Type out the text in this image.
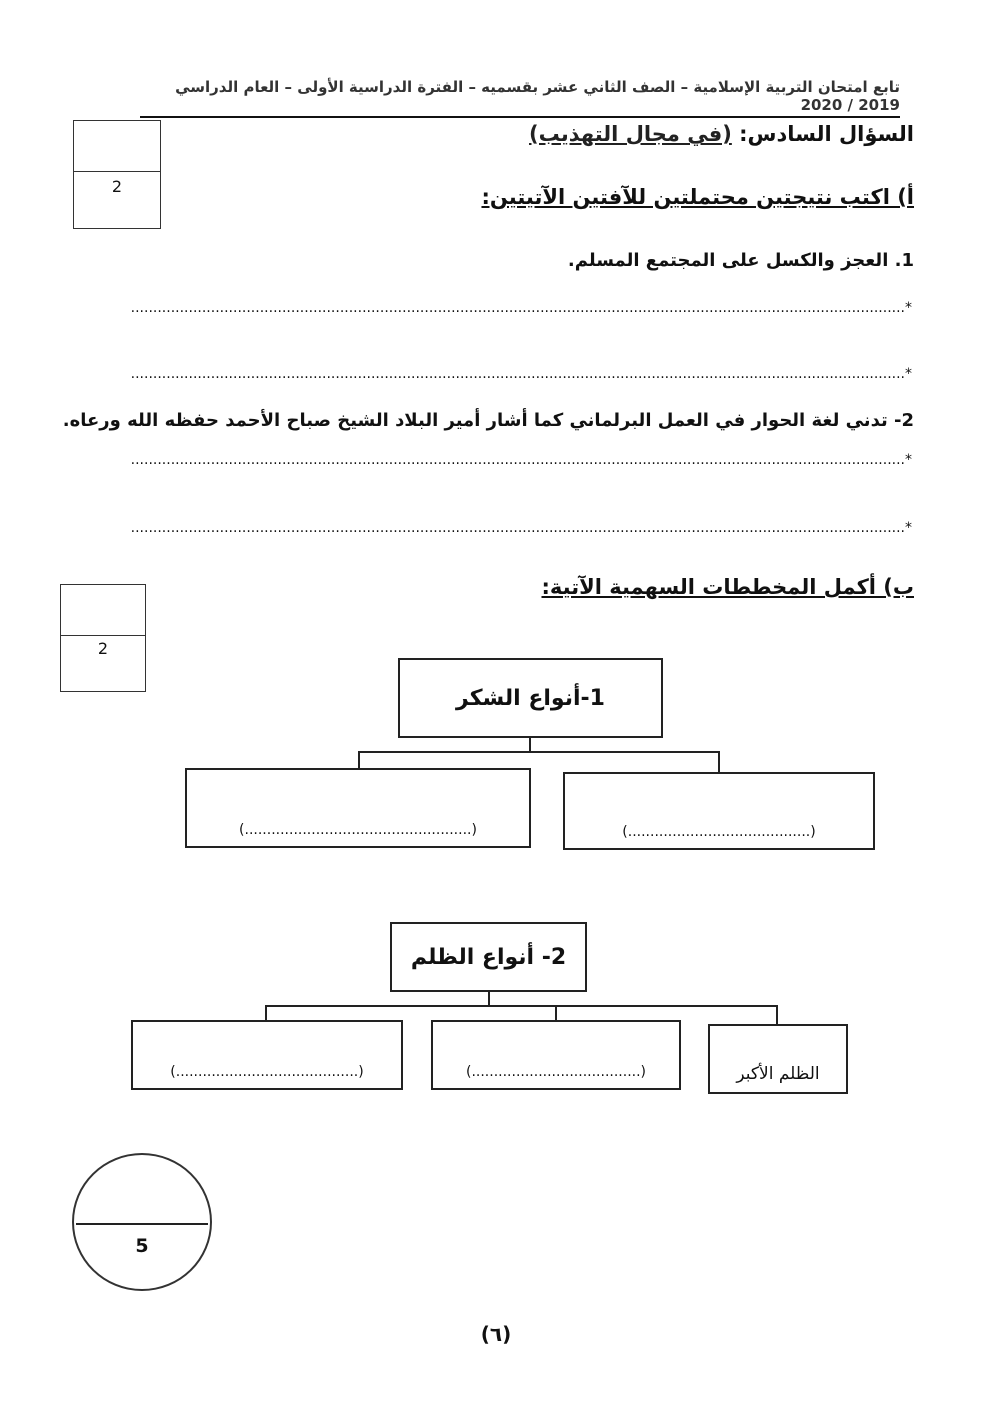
تابع امتحان التربية الإسلامية – الصف الثاني عشر بقسميه – الفترة الدراسية الأولى – العام الدراسي 2019 / 2020
السؤال السادس: (في مجال التهذيب)
2	أ) اكتب نتيجتين محتملتين للآفتين الآتيتين:
1. العجز والكسل على المجتمع المسلم.
*..............................................................................................................................................................................
*..............................................................................................................................................................................
2- تدني لغة الحوار في العمل البرلماني كما أشار أمير البلاد الشيخ صباح الأحمد حفظه الله ورعاه.
*..............................................................................................................................................................................
*..............................................................................................................................................................................
2
ب) أكمل المخططات السهمية الآتية:
1-أنواع الشكر
(...................................................)	(.........................................)
2- أنواع الظلم
(.........................................)	(......................................)	الظلم الأكبر
5
(٦)
